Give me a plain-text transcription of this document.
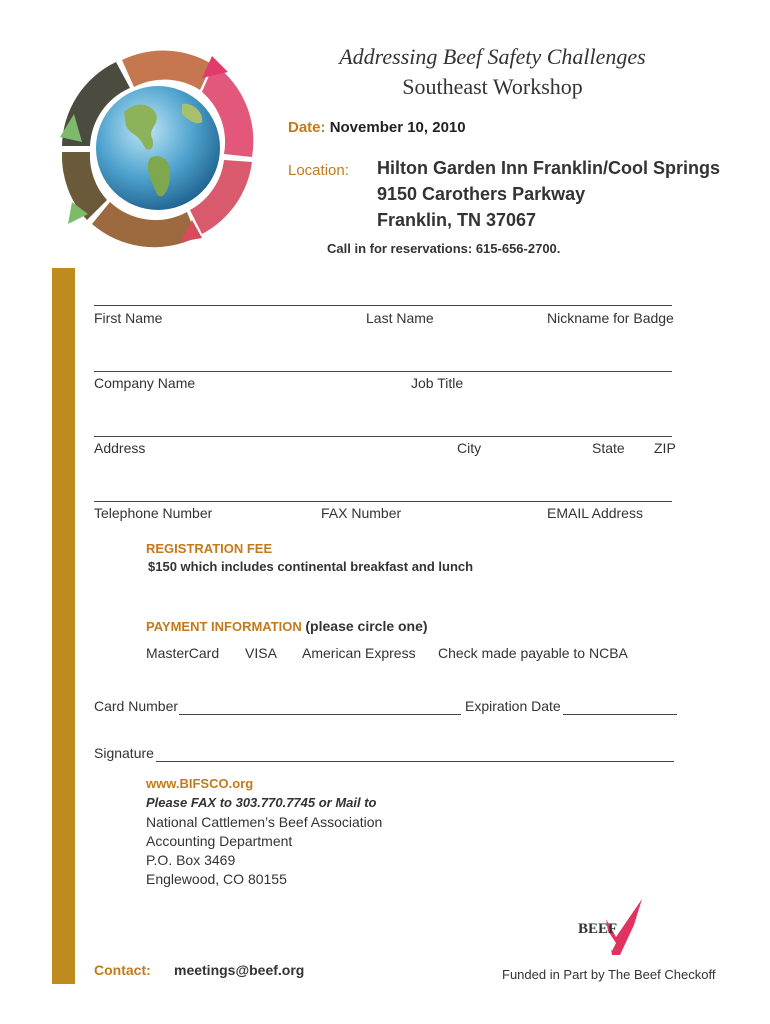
Addressing Beef Safety Challenges
Southeast Workshop
Date: November 10, 2010
Location: Hilton Garden Inn Franklin/Cool Springs
9150 Carothers Parkway
Franklin, TN 37067
Call in for reservations: 615-656-2700.
First Name	Last Name	Nickname for Badge
Company Name	Job Title
Address	City	State ZIP
Telephone Number	FAX Number	EMAIL Address
REGISTRATION FEE
$150 which includes continental breakfast and lunch
PAYMENT INFORMATION (please circle one)
MasterCard VISA American Express Check made payable to NCBA
Card Number	Expiration Date
Signature
www.BIFSCO.org
Please FAX to 303.770.7745 or Mail to
National Cattlemen’s Beef Association
Accounting Department
P.O. Box 3469
Englewood, CO 80155
Contact: meetings@beef.org
BEEF
Funded in Part by The Beef Checkoff
